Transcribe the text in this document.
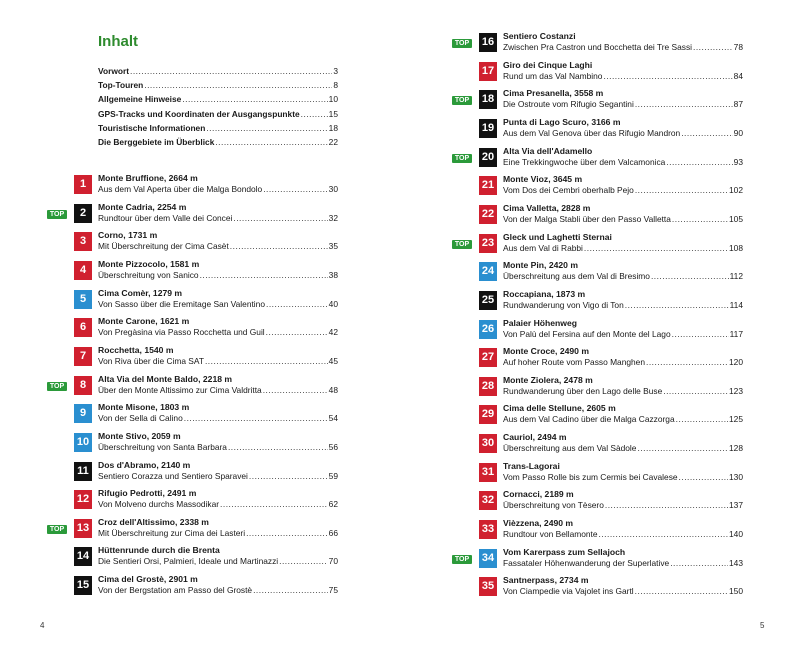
Inhalt
Vorwort .....	3
Top-Touren .....	8
Allgemeine Hinweise .....	10
GPS-Tracks und Koordinaten der Ausgangspunkte .....	15
Touristische Informationen .....	18
Die Berggebiete im Überblick .....	22
1	Monte Bruffione, 2664 m
Aus dem Val Aperta über die Malga Bondolo .....	30
TOP	2	Monte Cadria, 2254 m
Rundtour über dem Valle dei Concei .....	32
3	Corno, 1731 m
Mit Überschreitung der Cima Casèt .....	35
4	Monte Pizzocolo, 1581 m
Überschreitung von Sanico .....	38
5	Cima Comèr, 1279 m
Von Sasso über die Eremitage San Valentino .....	40
6	Monte Carone, 1621 m
Von Pregàsina via Passo Rocchetta und Guil .....	42
7	Rocchetta, 1540 m
Von Riva über die Cima SAT .....	45
TOP	8	Alta Via del Monte Baldo, 2218 m
Über den Monte Altissimo zur Cima Valdritta .....	48
9	Monte Misone, 1803 m
Von der Sella di Calino .....	54
10	Monte Stivo, 2059 m
Überschreitung von Santa Barbara .....	56
11	Dos d'Abramo, 2140 m
Sentiero Corazza und Sentiero Sparavei .....	59
12	Rifugio Pedrotti, 2491 m
Von Molveno durchs Massodikar .....	62
TOP 13	Croz dell'Altissimo, 2338 m
Mit Überschreitung zur Cima dei Lasteri .....	66
14	Hüttenrunde durch die Brenta
Die Sentieri Orsi, Palmieri, Ideale und Martinazzi .....	70
15	Cima del Grostè, 2901 m
Von der Bergstation am Passo del Grostè .....	75
TOP 16	Sentiero Costanzi
Zwischen Pra Castron und Bocchetta dei Tre Sassi .....	78
17	Giro dei Cinque Laghi
Rund um das Val Nambino .....	84
TOP 18	Cima Presanella, 3558 m
Die Ostroute vom Rifugio Segantini .....	87
19	Punta di Lago Scuro, 3166 m
Aus dem Val Genova über das Rifugio Mandron .....	90
TOP 20	Alta Via dell'Adamello
Eine Trekkingwoche über dem Valcamonica .....	93
21	Monte Vioz, 3645 m
Vom Dos dei Cembri oberhalb Pejo .....	102
22	Cima Valletta, 2828 m
Von der Malga Stabli über den Passo Valletta .....	105
TOP 23	Gleck und Laghetti Sternai
Aus dem Val di Rabbi .....	108
24	Monte Pin, 2420 m
Überschreitung aus dem Val di Bresimo .....	112
25	Roccapiana, 1873 m
Rundwanderung von Vigo di Ton .....	114
26	Palaier Höhenweg
Von Palù del Fersina auf den Monte del Lago .....	117
27	Monte Croce, 2490 m
Auf hoher Route vom Passo Manghen .....	120
28	Monte Ziolera, 2478 m
Rundwanderung über den Lago delle Buse .....	123
29	Cima delle Stellune, 2605 m
Aus dem Val Cadino über die Malga Cazzorga .....	125
30	Cauriol, 2494 m
Überschreitung aus dem Val Sàdole .....	128
31	Trans-Lagorai
Vom Passo Rolle bis zum Cermis bei Cavalese .....	130
32	Cornacci, 2189 m
Überschreitung von Tèsero .....	137
33	Vièzzena, 2490 m
Rundtour von Bellamonte .....	140
TOP 34	Vom Karerpass zum Sellajoch
Fassataler Höhenwanderung der Superlative .....	143
35	Santnerpass, 2734 m
Von Ciampedie via Vajolet ins Gartl .....	150
4	5
